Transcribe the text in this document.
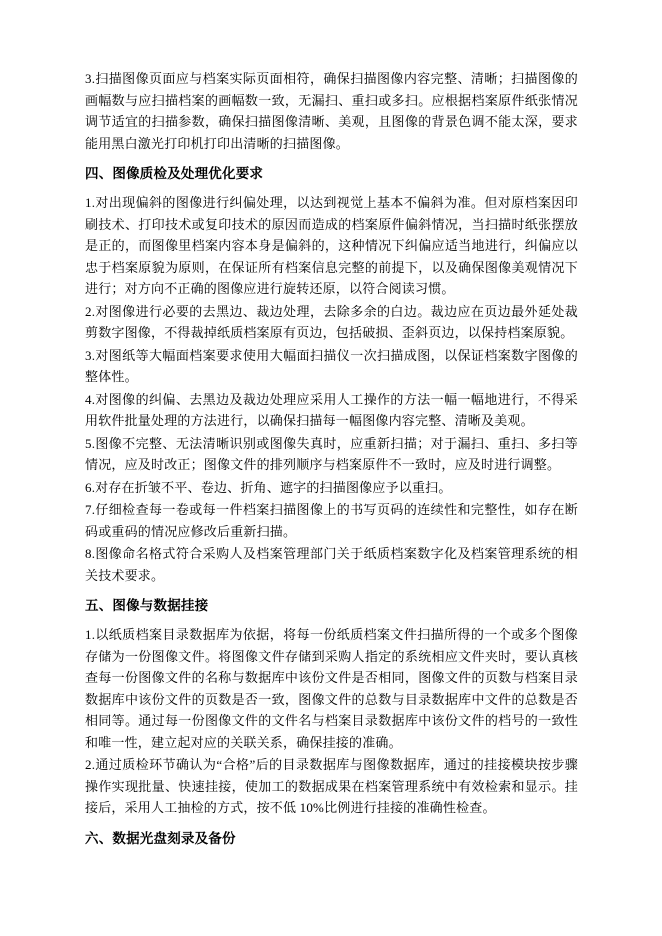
3.扫描图像页面应与档案实际页面相符，确保扫描图像内容完整、清晰；扫描图像的画幅数与应扫描档案的画幅数一致，无漏扫、重扫或多扫。应根据档案原件纸张情况调节适宜的扫描参数，确保扫描图像清晰、美观，且图像的背景色调不能太深，要求能用黑白激光打印机打印出清晰的扫描图像。

四、图像质检及处理优化要求

1.对出现偏斜的图像进行纠偏处理，以达到视觉上基本不偏斜为准。但对原档案因印刷技术、打印技术或复印技术的原因而造成的档案原件偏斜情况，当扫描时纸张摆放是正的，而图像里档案内容本身是偏斜的，这种情况下纠偏应适当地进行，纠偏应以忠于档案原貌为原则，在保证所有档案信息完整的前提下，以及确保图像美观情况下进行；对方向不正确的图像应进行旋转还原，以符合阅读习惯。

2.对图像进行必要的去黑边、裁边处理，去除多余的白边。裁边应在页边最外延处裁剪数字图像，不得裁掉纸质档案原有页边，包括破损、歪斜页边，以保持档案原貌。

3.对图纸等大幅面档案要求使用大幅面扫描仪一次扫描成图，以保证档案数字图像的整体性。

4.对图像的纠偏、去黑边及裁边处理应采用人工操作的方法一幅一幅地进行，不得采用软件批量处理的方法进行，以确保扫描每一幅图像内容完整、清晰及美观。

5.图像不完整、无法清晰识别或图像失真时，应重新扫描；对于漏扫、重扫、多扫等情况，应及时改正；图像文件的排列顺序与档案原件不一致时，应及时进行调整。

6.对存在折皱不平、卷边、折角、遮字的扫描图像应予以重扫。

7.仔细检查每一卷或每一件档案扫描图像上的书写页码的连续性和完整性，如存在断码或重码的情况应修改后重新扫描。

8.图像命名格式符合采购人及档案管理部门关于纸质档案数字化及档案管理系统的相关技术要求。

五、图像与数据挂接

1.以纸质档案目录数据库为依据，将每一份纸质档案文件扫描所得的一个或多个图像存储为一份图像文件。将图像文件存储到采购人指定的系统相应文件夹时，要认真核查每一份图像文件的名称与数据库中该份文件是否相同，图像文件的页数与档案目录数据库中该份文件的页数是否一致，图像文件的总数与目录数据库中文件的总数是否相同等。通过每一份图像文件的文件名与档案目录数据库中该份文件的档号的一致性和唯一性，建立起对应的关联关系，确保挂接的准确。

2.通过质检环节确认为“合格”后的目录数据库与图像数据库，通过的挂接模块按步骤操作实现批量、快速挂接，使加工的数据成果在档案管理系统中有效检索和显示。挂接后，采用人工抽检的方式，按不低 10%比例进行挂接的准确性检查。

六、数据光盘刻录及备份
